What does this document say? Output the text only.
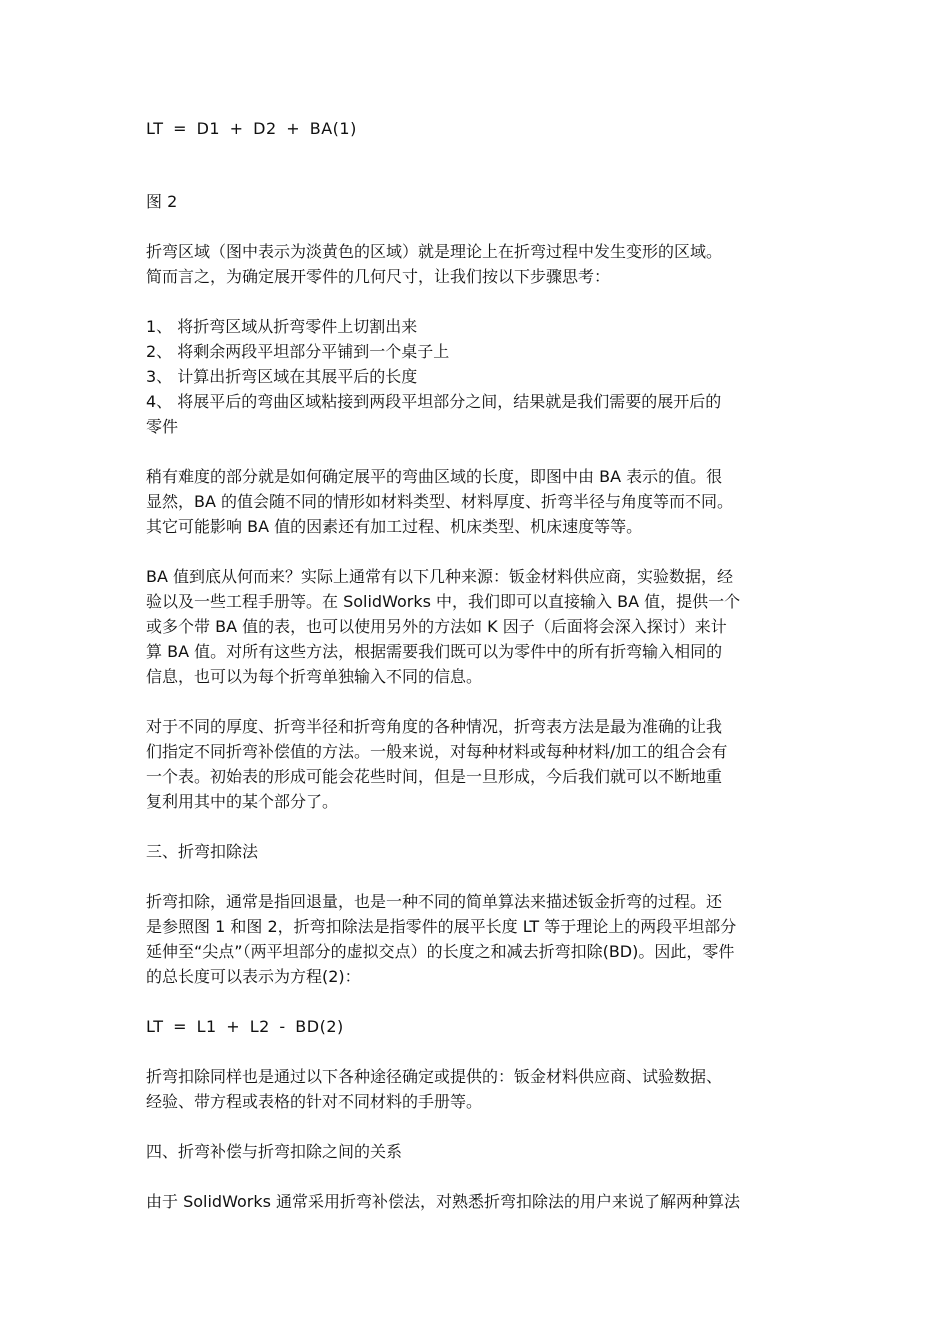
LT = D1 + D2 + BA(1)
图 2
折弯区域（图中表示为淡黄色的区域）就是理论上在折弯过程中发生变形的区域。
简而言之，为确定展开零件的几何尺寸，让我们按以下步骤思考：
1、 将折弯区域从折弯零件上切割出来
2、 将剩余两段平坦部分平铺到一个桌子上
3、 计算出折弯区域在其展平后的长度
4、 将展平后的弯曲区域粘接到两段平坦部分之间，结果就是我们需要的展开后的
零件
稍有难度的部分就是如何确定展平的弯曲区域的长度，即图中由 BA 表示的值。很
显然，BA 的值会随不同的情形如材料类型、材料厚度、折弯半径与角度等而不同。
其它可能影响 BA 值的因素还有加工过程、机床类型、机床速度等等。
BA 值到底从何而来？实际上通常有以下几种来源：钣金材料供应商，实验数据，经
验以及一些工程手册等。在 SolidWorks 中，我们即可以直接输入 BA 值，提供一个
或多个带 BA 值的表，也可以使用另外的方法如 K 因子（后面将会深入探讨）来计
算 BA 值。对所有这些方法，根据需要我们既可以为零件中的所有折弯输入相同的
信息，也可以为每个折弯单独输入不同的信息。
对于不同的厚度、折弯半径和折弯角度的各种情况，折弯表方法是最为准确的让我
们指定不同折弯补偿值的方法。一般来说，对每种材料或每种材料/加工的组合会有
一个表。初始表的形成可能会花些时间，但是一旦形成，今后我们就可以不断地重
复利用其中的某个部分了。
三、折弯扣除法
折弯扣除，通常是指回退量，也是一种不同的简单算法来描述钣金折弯的过程。还
是参照图 1 和图 2，折弯扣除法是指零件的展平长度 LT 等于理论上的两段平坦部分
延伸至“尖点”（两平坦部分的虚拟交点）的长度之和减去折弯扣除(BD)。因此，零件
的总长度可以表示为方程(2)：
LT = L1 + L2 - BD(2)
折弯扣除同样也是通过以下各种途径确定或提供的：钣金材料供应商、试验数据、
经验、带方程或表格的针对不同材料的手册等。
四、折弯补偿与折弯扣除之间的关系
由于 SolidWorks 通常采用折弯补偿法，对熟悉折弯扣除法的用户来说了解两种算法
